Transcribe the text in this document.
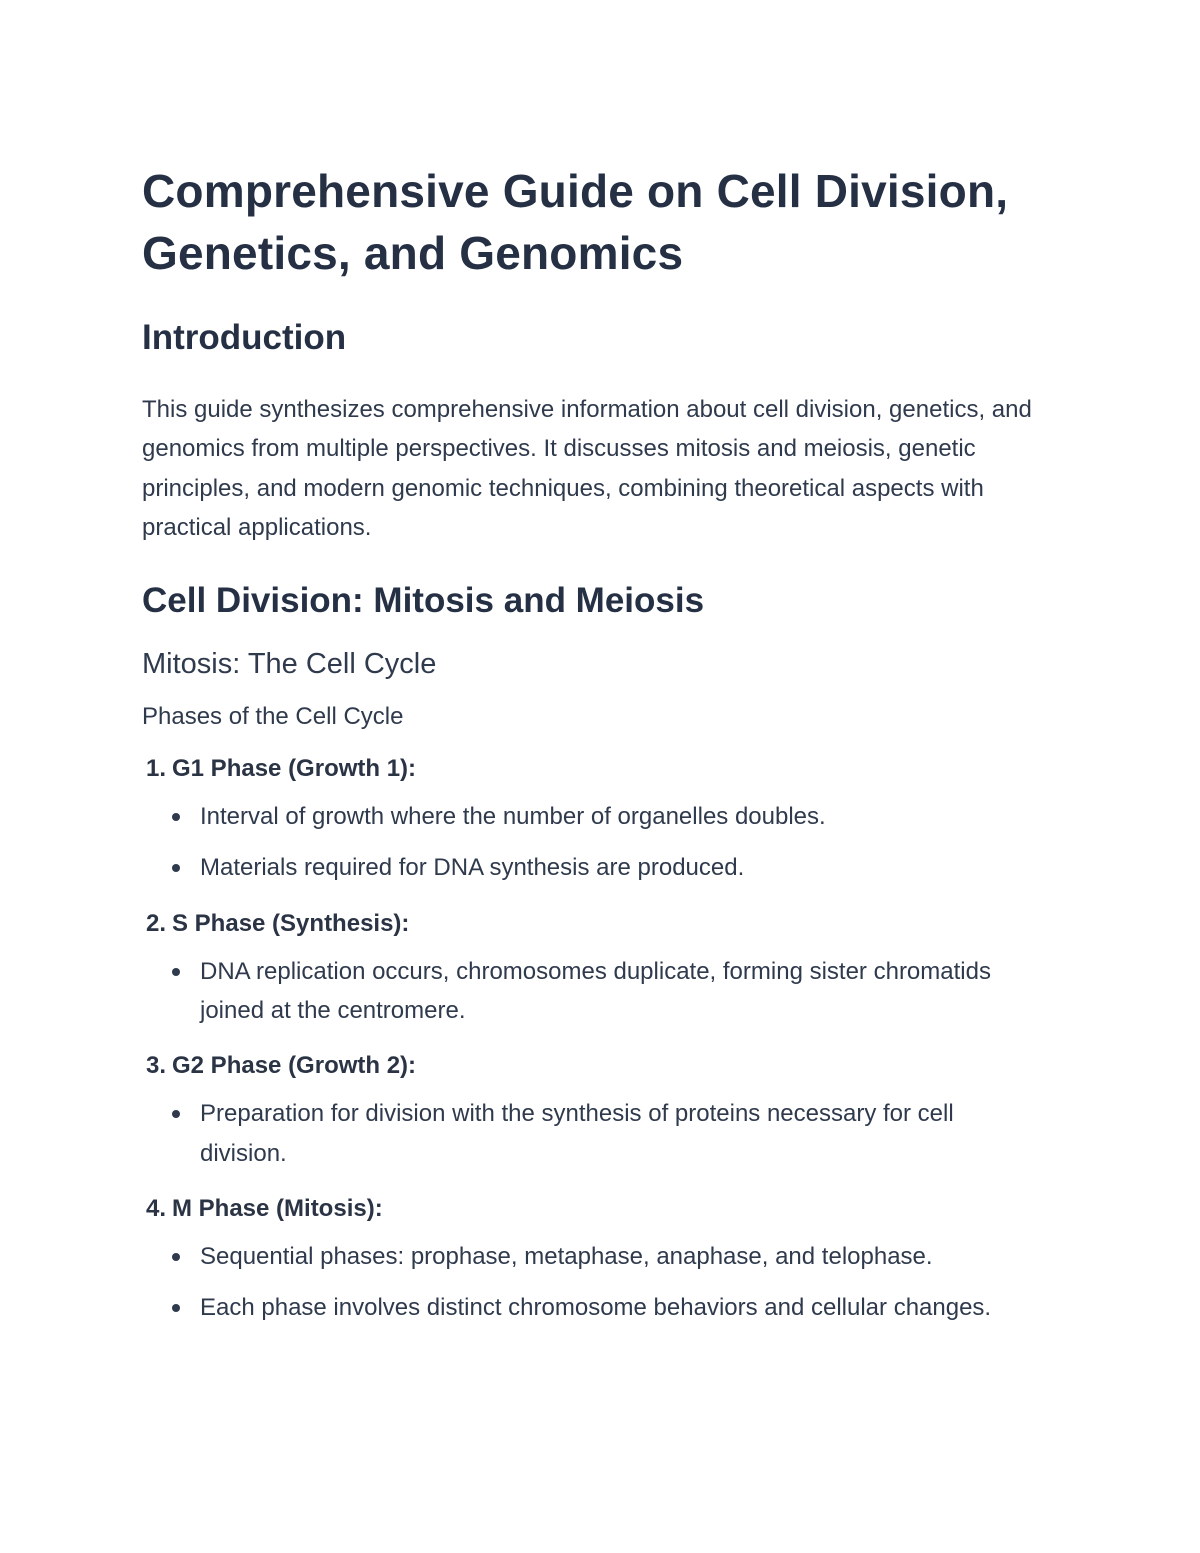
Comprehensive Guide on Cell Division, Genetics, and Genomics
Introduction

This guide synthesizes comprehensive information about cell division, genetics, and genomics from multiple perspectives. It discusses mitosis and meiosis, genetic principles, and modern genomic techniques, combining theoretical aspects with practical applications.

Cell Division: Mitosis and Meiosis
Mitosis: The Cell Cycle
Phases of the Cell Cycle
1. G1 Phase (Growth 1):
Interval of growth where the number of organelles doubles.
Materials required for DNA synthesis are produced.
2. S Phase (Synthesis):
DNA replication occurs, chromosomes duplicate, forming sister chromatids joined at the centromere.
3. G2 Phase (Growth 2):
Preparation for division with the synthesis of proteins necessary for cell division.
4. M Phase (Mitosis):
Sequential phases: prophase, metaphase, anaphase, and telophase.
Each phase involves distinct chromosome behaviors and cellular changes.
